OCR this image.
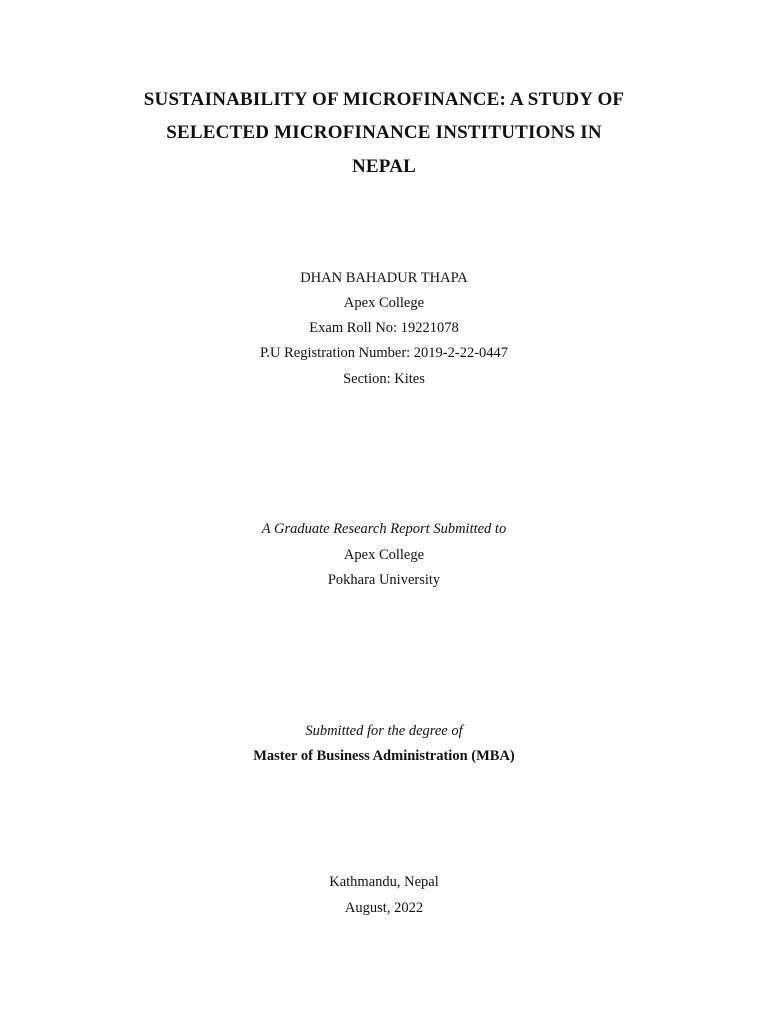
SUSTAINABILITY OF MICROFINANCE: A STUDY OF
SELECTED MICROFINANCE INSTITUTIONS IN
NEPAL
DHAN BAHADUR THAPA
Apex College
Exam Roll No: 19221078
P.U Registration Number: 2019-2-22-0447
Section: Kites
A Graduate Research Report Submitted to
Apex College
Pokhara University
Submitted for the degree of
Master of Business Administration (MBA)
Kathmandu, Nepal
August, 2022
